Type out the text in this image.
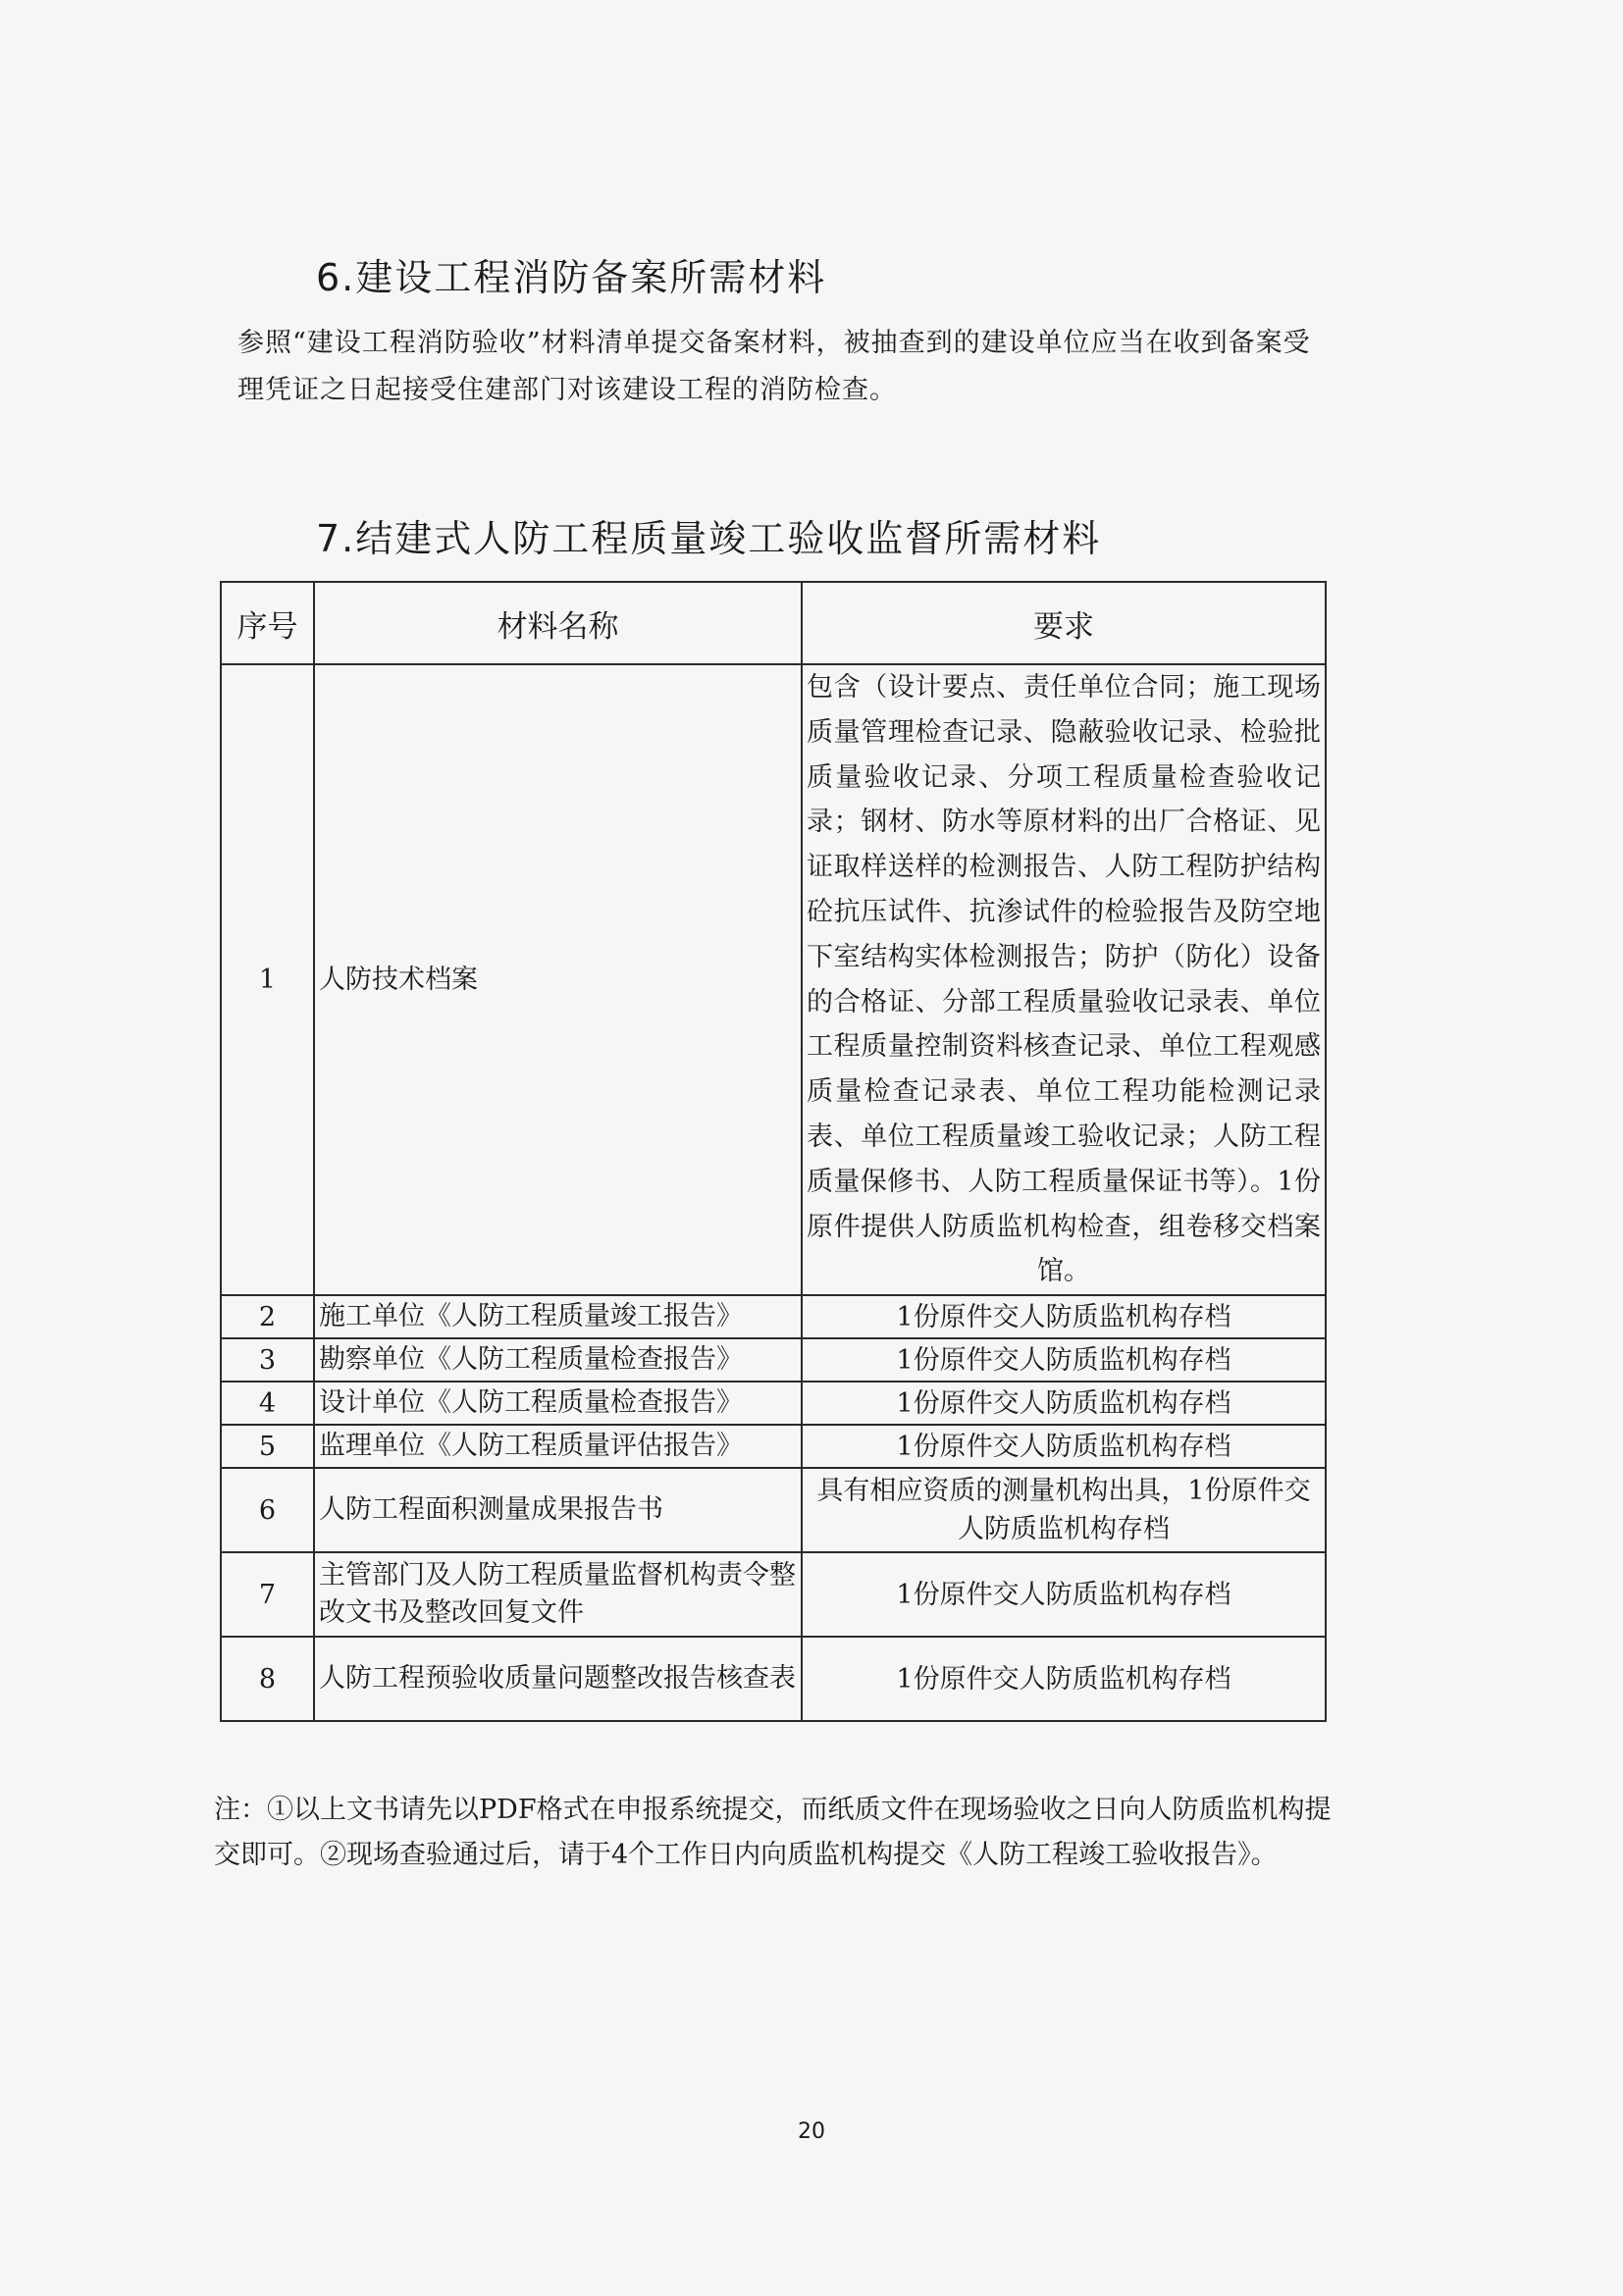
6.建设工程消防备案所需材料

参照“建设工程消防验收”材料清单提交备案材料，被抽查到的建设单位应当在收到备案受理凭证之日起接受住建部门对该建设工程的消防检查。

7.结建式人防工程质量竣工验收监督所需材料
序号	材料名称	要求
1	人防技术档案	包含（设计要点、责任单位合同；施工现场质量管理检查记录、隐蔽验收记录、检验批质量验收记录、分项工程质量检查验收记录；钢材、防水等原材料的出厂合格证、见证取样送样的检测报告、人防工程防护结构砼抗压试件、抗渗试件的检验报告及防空地下室结构实体检测报告；防护（防化）设备的合格证、分部工程质量验收记录表、单位工程质量控制资料核查记录、单位工程观感质量检查记录表、单位工程功能检测记录表、单位工程质量竣工验收记录；人防工程质量保修书、人防工程质量保证书等）。1份原件提供人防质监机构检查，组卷移交档案馆。
2	施工单位《人防工程质量竣工报告》	1份原件交人防质监机构存档
3	勘察单位《人防工程质量检查报告》	1份原件交人防质监机构存档
4	设计单位《人防工程质量检查报告》	1份原件交人防质监机构存档
5	监理单位《人防工程质量评估报告》	1份原件交人防质监机构存档
6	人防工程面积测量成果报告书	具有相应资质的测量机构出具，1份原件交人防质监机构存档
7	主管部门及人防工程质量监督机构责令整改文书及整改回复文件	1份原件交人防质监机构存档
8	人防工程预验收质量问题整改报告核查表	1份原件交人防质监机构存档

注：①以上文书请先以PDF格式在申报系统提交，而纸质文件在现场验收之日向人防质监机构提交即可。②现场查验通过后，请于4个工作日内向质监机构提交《人防工程竣工验收报告》。

20
